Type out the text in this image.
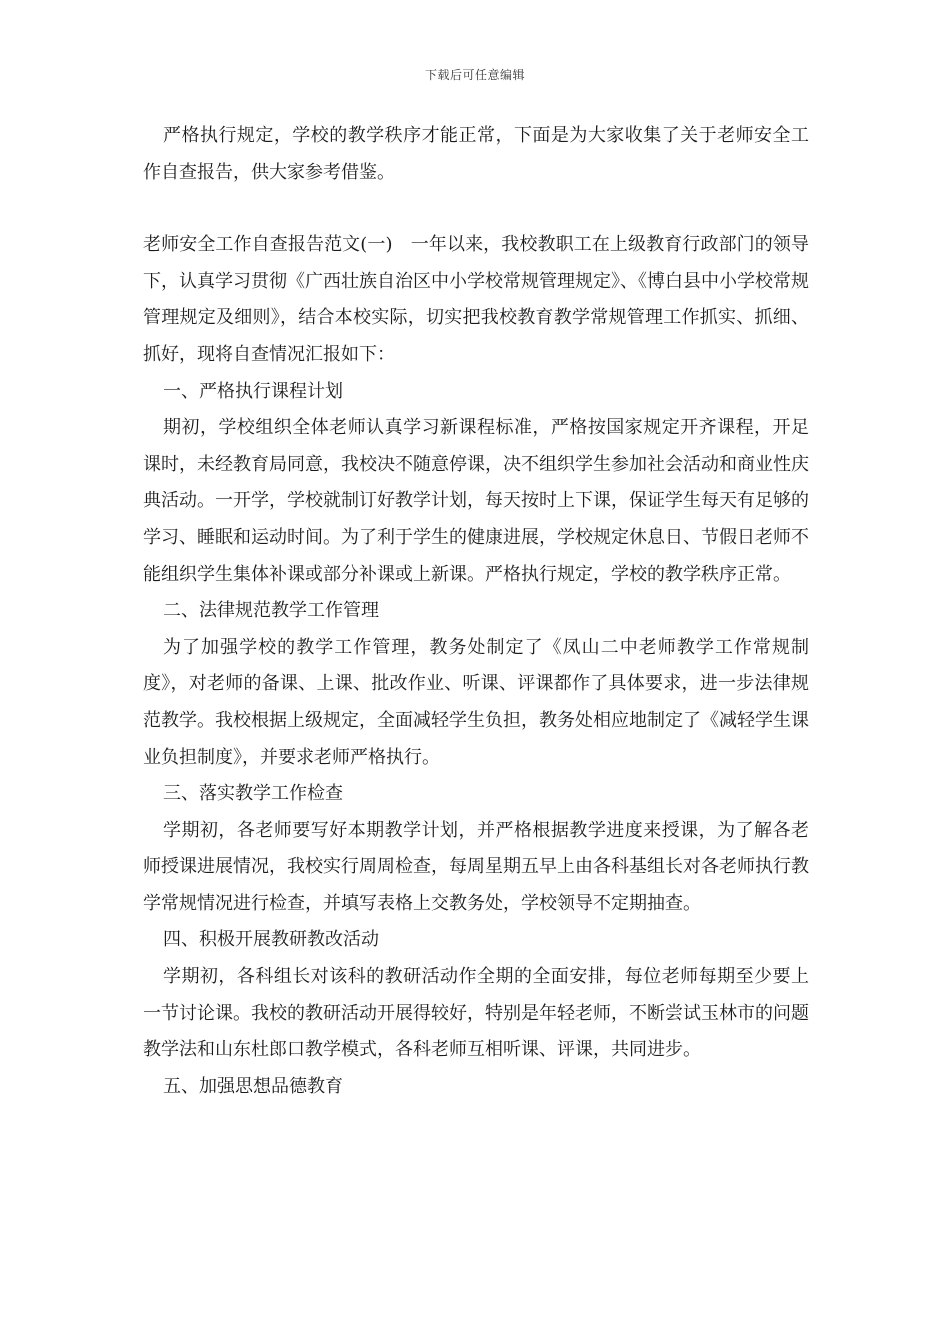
下载后可任意编辑

严格执行规定，学校的教学秩序才能正常，下面是为大家收集了关于老师安全工作自查报告，供大家参考借鉴。

老师安全工作自查报告范文(一)　一年以来，我校教职工在上级教育行政部门的领导下，认真学习贯彻《广西壮族自治区中小学校常规管理规定》、《博白县中小学校常规管理规定及细则》，结合本校实际，切实把我校教育教学常规管理工作抓实、抓细、抓好，现将自查情况汇报如下：

一、严格执行课程计划

期初，学校组织全体老师认真学习新课程标准，严格按国家规定开齐课程，开足课时，未经教育局同意，我校决不随意停课，决不组织学生参加社会活动和商业性庆典活动。一开学，学校就制订好教学计划，每天按时上下课，保证学生每天有足够的学习、睡眠和运动时间。为了利于学生的健康进展，学校规定休息日、节假日老师不能组织学生集体补课或部分补课或上新课。严格执行规定，学校的教学秩序正常。

二、法律规范教学工作管理

为了加强学校的教学工作管理，教务处制定了《凤山二中老师教学工作常规制度》，对老师的备课、上课、批改作业、听课、评课都作了具体要求，进一步法律规范教学。我校根据上级规定，全面减轻学生负担，教务处相应地制定了《减轻学生课业负担制度》，并要求老师严格执行。

三、落实教学工作检查

学期初，各老师要写好本期教学计划，并严格根据教学进度来授课，为了解各老师授课进展情况，我校实行周周检查，每周星期五早上由各科基组长对各老师执行教学常规情况进行检查，并填写表格上交教务处，学校领导不定期抽查。

四、积极开展教研教改活动

学期初，各科组长对该科的教研活动作全期的全面安排，每位老师每期至少要上一节讨论课。我校的教研活动开展得较好，特别是年轻老师，不断尝试玉林市的问题教学法和山东杜郎口教学模式，各科老师互相听课、评课，共同进步。

五、加强思想品德教育
